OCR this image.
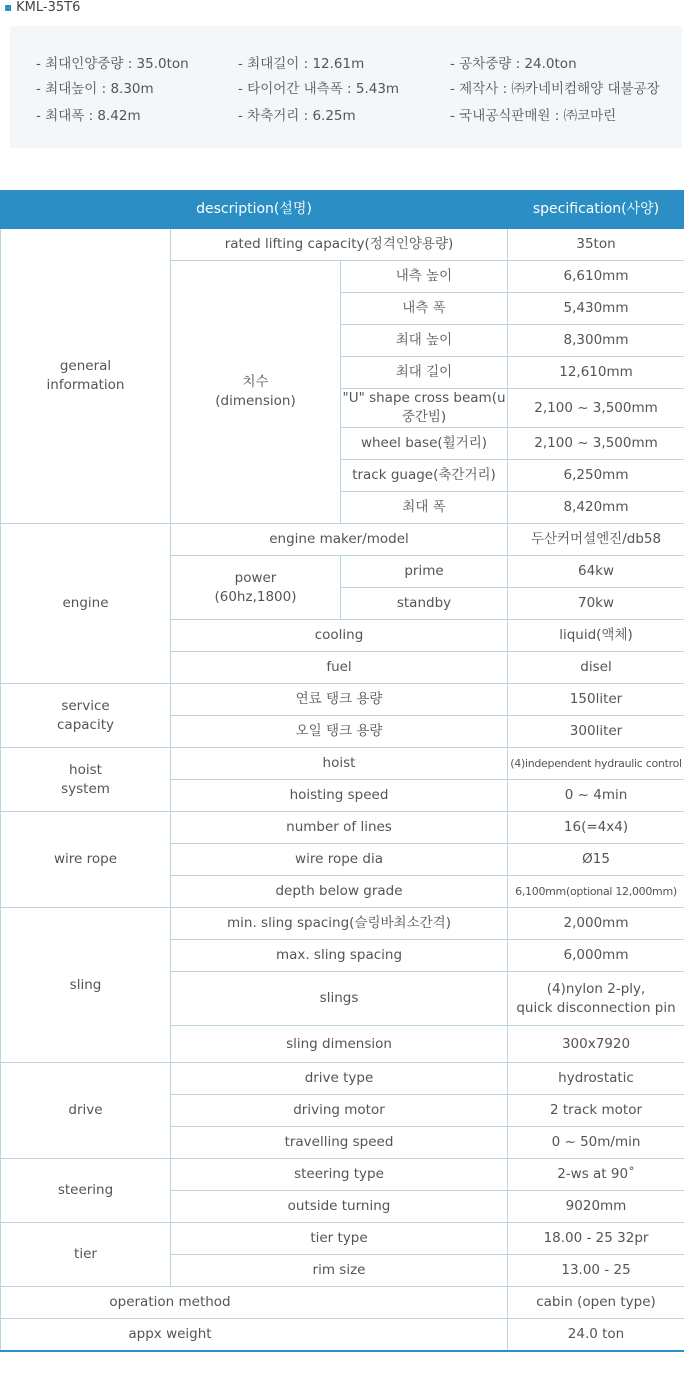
▪ KML-35T6
- 최대인양중량 : 35.0ton
- 최대높이 : 8.30m
- 최대폭 : 8.42m
- 최대길이 : 12.61m
- 타이어간 내측폭 : 5.43m
- 차축거리 : 6.25m
- 공차중량 : 24.0ton
- 제작사 : ㈜카네비컴해양 대불공장
- 국내공식판매원 : ㈜코마린
description(설명)			specification(사양)
general information	rated lifting capacity(정격인양용량)		35ton
	치수 (dimension)	내측 높이	6,610mm
		내측 폭	5,430mm
		최대 높이	8,300mm
		최대 길이	12,610mm
		"U" shape cross beam(u중간빔)	2,100 ~ 3,500mm
		wheel base(휠거리)	2,100 ~ 3,500mm
		track guage(축간거리)	6,250mm
		최대 폭	8,420mm
engine	engine maker/model		두산커머셜엔진/db58
	power (60hz,1800)	prime	64kw
		standby	70kw
	cooling		liquid(액체)
	fuel		disel
service capacity	연료 탱크 용량		150liter
	오일 탱크 용량		300liter
hoist system	hoist		(4)independent hydraulic control
	hoisting speed		0 ~ 4min
wire rope	number of lines		16(=4x4)
	wire rope dia		Ø15
	depth below grade		6,100mm(optional 12,000mm)
sling	min. sling spacing(슬링바최소간격)		2,000mm
	max. sling spacing		6,000mm
	slings		(4)nylon 2-ply,
quick disconnection pin

	sling dimension		300x7920
drive	drive type		hydrostatic
	driving motor		2 track motor
	travelling speed		0 ~ 50m/min
steering	steering type		2-ws at 90˚
	outside turning		9020mm
tier	tier type		18.00 - 25 32pr
	rim size		13.00 - 25
operation method			cabin (open type)
appx weight			24.0 ton
